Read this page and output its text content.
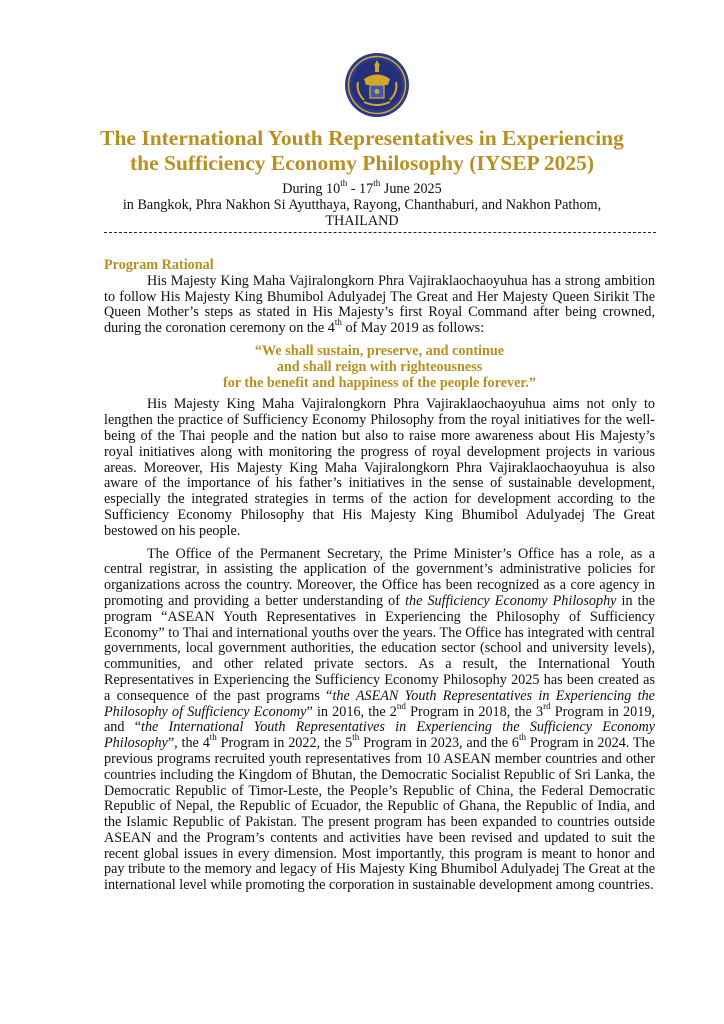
The International Youth Representatives in Experiencing
the Sufficiency Economy Philosophy (IYSEP 2025)
During 10th - 17th June 2025
in Bangkok, Phra Nakhon Si Ayutthaya, Rayong, Chanthaburi, and Nakhon Pathom,
THAILAND
Program Rational

His Majesty King Maha Vajiralongkorn Phra Vajiraklaochaoyuhua has a strong ambition to follow His Majesty King Bhumibol Adulyadej The Great and Her Majesty Queen Sirikit The Queen Mother’s steps as stated in His Majesty’s first Royal Command after being crowned, during the coronation ceremony on the 4th of May 2019 as follows:

“We shall sustain, preserve, and continue
and shall reign with righteousness
for the benefit and happiness of the people forever.”

His Majesty King Maha Vajiralongkorn Phra Vajiraklaochaoyuhua aims not only to lengthen the practice of Sufficiency Economy Philosophy from the royal initiatives for the well-being of the Thai people and the nation but also to raise more awareness about His Majesty’s royal initiatives along with monitoring the progress of royal development projects in various areas. Moreover, His Majesty King Maha Vajiralongkorn Phra Vajiraklaochaoyuhua is also aware of the importance of his father’s initiatives in the sense of sustainable development, especially the integrated strategies in terms of the action for development according to the Sufficiency Economy Philosophy that His Majesty King Bhumibol Adulyadej The Great bestowed on his people.

The Office of the Permanent Secretary, the Prime Minister’s Office has a role, as a central registrar, in assisting the application of the government’s administrative policies for organizations across the country. Moreover, the Office has been recognized as a core agency in promoting and providing a better understanding of the Sufficiency Economy Philosophy in the program “ASEAN Youth Representatives in Experiencing the Philosophy of Sufficiency Economy” to Thai and international youths over the years. The Office has integrated with central governments, local government authorities, the education sector (school and university levels), communities, and other related private sectors. As a result, the International Youth Representatives in Experiencing the Sufficiency Economy Philosophy 2025 has been created as a consequence of the past programs “the ASEAN Youth Representatives in Experiencing the Philosophy of Sufficiency Economy” in 2016, the 2nd Program in 2018, the 3rd Program in 2019, and “the International Youth Representatives in Experiencing the Sufficiency Economy Philosophy”, the 4th Program in 2022, the 5th Program in 2023, and the 6th Program in 2024. The previous programs recruited youth representatives from 10 ASEAN member countries and other countries including the Kingdom of Bhutan, the Democratic Socialist Republic of Sri Lanka, the Democratic Republic of Timor-Leste, the People’s Republic of China, the Federal Democratic Republic of Nepal, the Republic of Ecuador, the Republic of Ghana, the Republic of India, and the Islamic Republic of Pakistan. The present program has been expanded to countries outside ASEAN and the Program’s contents and activities have been revised and updated to suit the recent global issues in every dimension. Most importantly, this program is meant to honor and pay tribute to the memory and legacy of His Majesty King Bhumibol Adulyadej The Great at the international level while promoting the corporation in sustainable development among countries.
